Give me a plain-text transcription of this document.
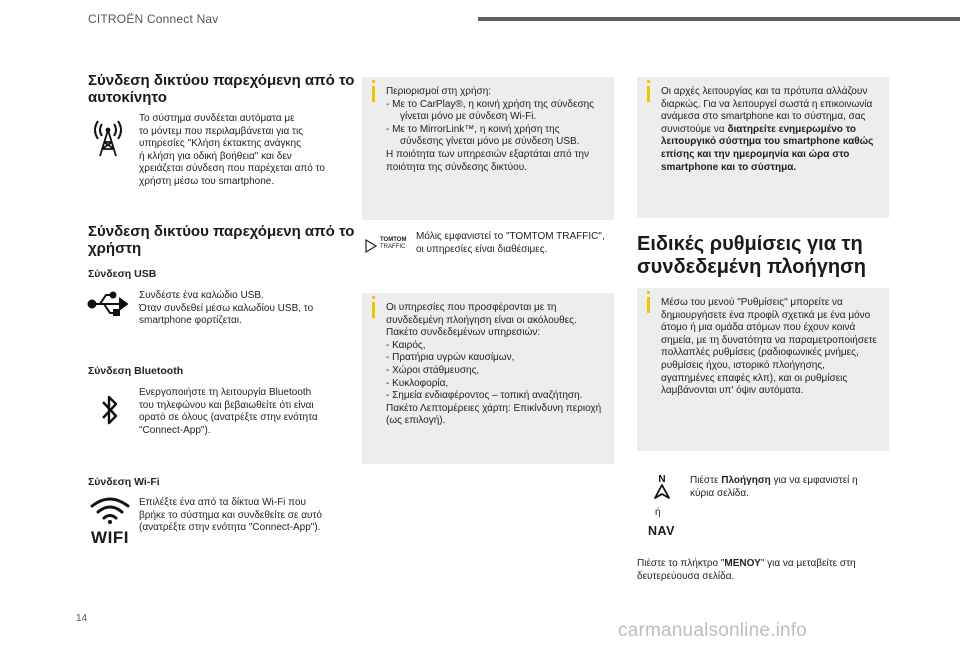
CITROËN Connect Nav
Σύνδεση δικτύου παρεχόμενη από το
αυτοκίνητο
Το σύστημα συνδέεται αυτόματα με
το μόντεμ που περιλαμβάνεται για τις
υπηρεσίες "Κλήση έκτακτης ανάγκης
ή κλήση για οδική βοήθεια" και δεν
χρειάζεται σύνδεση που παρέχεται από το
χρήστη μέσω του smartphone.
Σύνδεση δικτύου παρεχόμενη από το
χρήστη
Σύνδεση USB
Συνδέστε ένα καλώδιο USB.
Όταν συνδεθεί μέσω καλωδίου USB, το
smartphone φορτίζεται.
Σύνδεση Bluetooth
Ενεργοποιήστε τη λειτουργία Bluetooth
του τηλεφώνου και βεβαιωθείτε ότι είναι
ορατό σε όλους (ανατρέξτε στην ενότητα
"Connect-App").
Σύνδεση Wi-Fi
WIFI
Επιλέξτε ένα από τα δίκτυα Wi-Fi που
βρήκε το σύστημα και συνδεθείτε σε αυτό
(ανατρέξτε στην ενότητα "Connect-App").
Περιορισμοί στη χρήση:
- Με το CarPlay®, η κοινή χρήση της σύνδεσης
γίνεται μόνο με σύνδεση Wi-Fi.
- Με το MirrorLink™, η κοινή χρήση της
σύνδεσης γίνεται μόνο με σύνδεση USB.
Η ποιότητα των υπηρεσιών εξαρτάται από την
ποιότητα της σύνδεσης δικτύου.
TOMTOM
TRAFFIC
Μόλις εμφανιστεί το "TOMTOM TRAFFIC",
οι υπηρεσίες είναι διαθέσιμες.
Οι υπηρεσίες που προσφέρονται με τη
συνδεδεμένη πλοήγηση είναι οι ακόλουθες.
Πακέτο συνδεδεμένων υπηρεσιών:
- Καιρός,
- Πρατήρια υγρών καυσίμων,
- Χώροι στάθμευσης,
- Κυκλοφορία,
- Σημεία ενδιαφέροντος – τοπική αναζήτηση.
Πακέτο Λεπτομέρειες χάρτη: Επικίνδυνη περιοχή
(ως επιλογή).
Οι αρχές λειτουργίας και τα πρότυπα αλλάζουν
διαρκώς. Για να λειτουργεί σωστά η επικοινωνία
ανάμεσα στο smartphone και το σύστημα, σας
συνιστούμε να διατηρείτε ενημερωμένο το
λειτουργικό σύστημα του smartphone καθώς
επίσης και την ημερομηνία και ώρα στο
smartphone και το σύστημα.
Ειδικές ρυθμίσεις για τη
συνδεδεμένη πλοήγηση
Μέσω του μενού "Ρυθμίσεις" μπορείτε να
δημιουργήσετε ένα προφίλ σχετικά με ένα μόνο
άτομο ή μια ομάδα ατόμων που έχουν κοινά
σημεία, με τη δυνατότητα να παραμετροποιήσετε
πολλαπλές ρυθμίσεις (ραδιοφωνικές μνήμες,
ρυθμίσεις ήχου, ιστορικό πλοήγησης,
αγαπημένες επαφές κλπ), και οι ρυθμίσεις
λαμβάνονται υπ' όψιν αυτόματα.
N
ή
NAV
Πιέστε Πλοήγηση για να εμφανιστεί η
κύρια σελίδα.
Πιέστε το πλήκτρο "ΜΕΝΟΥ" για να μεταβείτε στη
δευτερεύουσα σελίδα.
14
carmanualsonline.info
